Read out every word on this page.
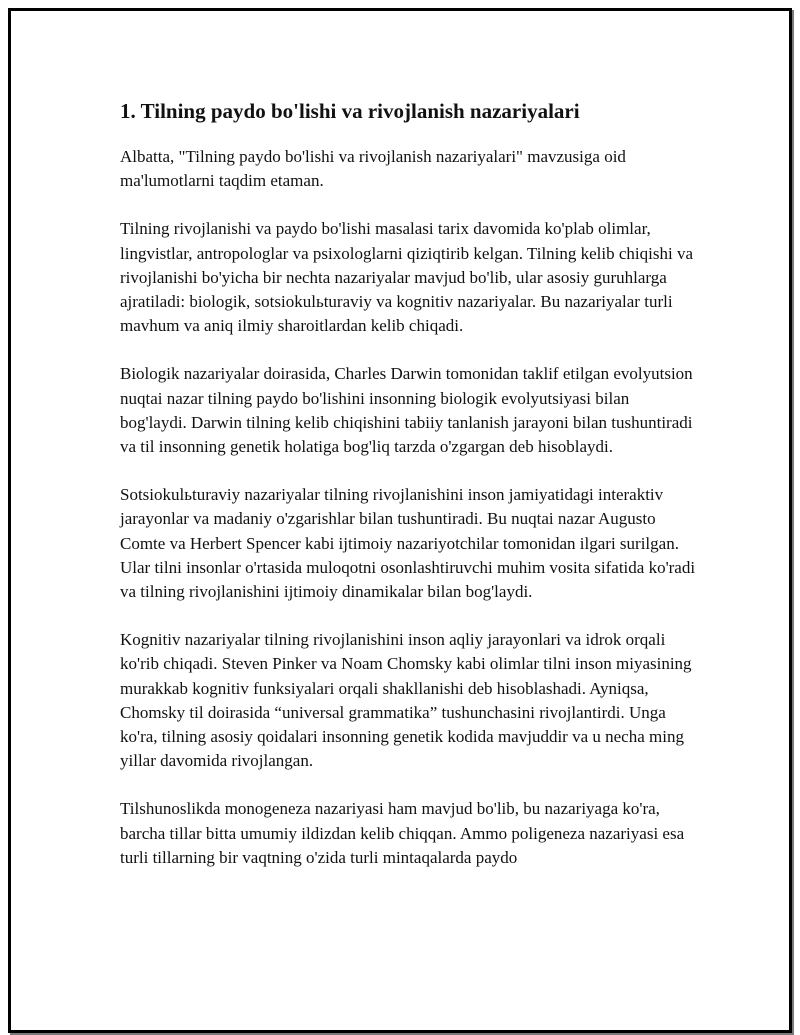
1. Tilning paydo bo'lishi va rivojlanish nazariyalari

Albatta, "Tilning paydo bo'lishi va rivojlanish nazariyalari" mavzusiga oid ma'lumotlarni taqdim etaman.

Tilning rivojlanishi va paydo bo'lishi masalasi tarix davomida ko'plab olimlar, lingvistlar, antropologlar va psixologlarni qiziqtirib kelgan. Tilning kelib chiqishi va rivojlanishi bo'yicha bir nechta nazariyalar mavjud bo'lib, ular asosiy guruhlarga ajratiladi: biologik, sotsiokulьturaviy va kognitiv nazariyalar. Bu nazariyalar turli mavhum va aniq ilmiy sharoitlardan kelib chiqadi.

Biologik nazariyalar doirasida, Charles Darwin tomonidan taklif etilgan evolyutsion nuqtai nazar tilning paydo bo'lishini insonning biologik evolyutsiyasi bilan bog'laydi. Darwin tilning kelib chiqishini tabiiy tanlanish jarayoni bilan tushuntiradi va til insonning genetik holatiga bog'liq tarzda o'zgargan deb hisoblaydi.

Sotsiokulьturaviy nazariyalar tilning rivojlanishini inson jamiyatidagi interaktiv jarayonlar va madaniy o'zgarishlar bilan tushuntiradi. Bu nuqtai nazar Augusto Comte va Herbert Spencer kabi ijtimoiy nazariyotchilar tomonidan ilgari surilgan. Ular tilni insonlar o'rtasida muloqotni osonlashtiruvchi muhim vosita sifatida ko'radi va tilning rivojlanishini ijtimoiy dinamikalar bilan bog'laydi.

Kognitiv nazariyalar tilning rivojlanishini inson aqliy jarayonlari va idrok orqali ko'rib chiqadi. Steven Pinker va Noam Chomsky kabi olimlar tilni inson miyasining murakkab kognitiv funksiyalari orqali shakllanishi deb hisoblashadi. Ayniqsa, Chomsky til doirasida “universal grammatika” tushunchasini rivojlantirdi. Unga ko'ra, tilning asosiy qoidalari insonning genetik kodida mavjuddir va u necha ming yillar davomida rivojlangan.

Tilshunoslikda monogeneza nazariyasi ham mavjud bo'lib, bu nazariyaga ko'ra, barcha tillar bitta umumiy ildizdan kelib chiqqan. Ammo poligeneza nazariyasi esa turli tillarning bir vaqtning o'zida turli mintaqalarda paydo
